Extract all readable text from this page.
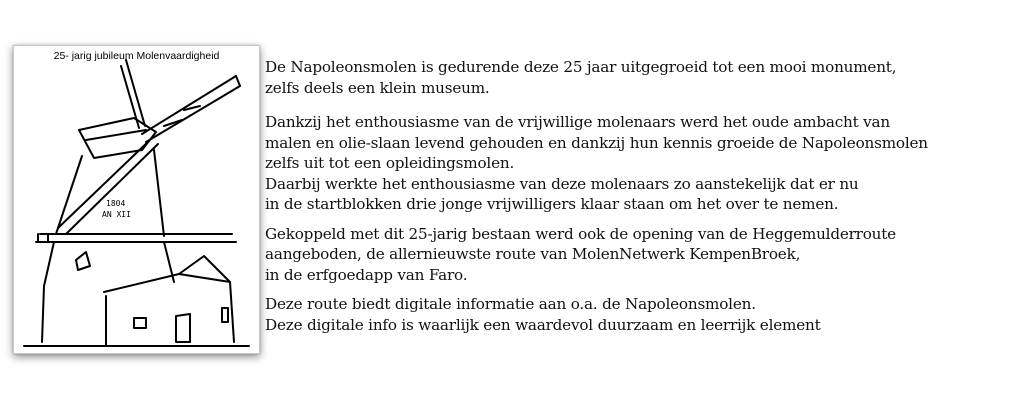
25- jarig jubileum Molenvaardigheid
1804
AN XII

De Napoleonsmolen is gedurende deze 25 jaar uitgegroeid tot een mooi monument,
zelfs deels een klein museum.

Dankzij het enthousiasme van de vrijwillige molenaars werd het oude ambacht van
malen en olie-slaan levend gehouden en dankzij hun kennis groeide de Napoleonsmolen
zelfs uit tot een opleidingsmolen.
Daarbij werkte het enthousiasme van deze molenaars zo aanstekelijk dat er nu
in de startblokken drie jonge vrijwilligers klaar staan om het over te nemen.

Gekoppeld met dit 25-jarig bestaan werd ook de opening van de Heggemulderroute
aangeboden, de allernieuwste route van MolenNetwerk KempenBroek,
in de erfgoedapp van Faro.

Deze route biedt digitale informatie aan o.a. de Napoleonsmolen.
Deze digitale info is waarlijk een waardevol duurzaam en leerrijk element
